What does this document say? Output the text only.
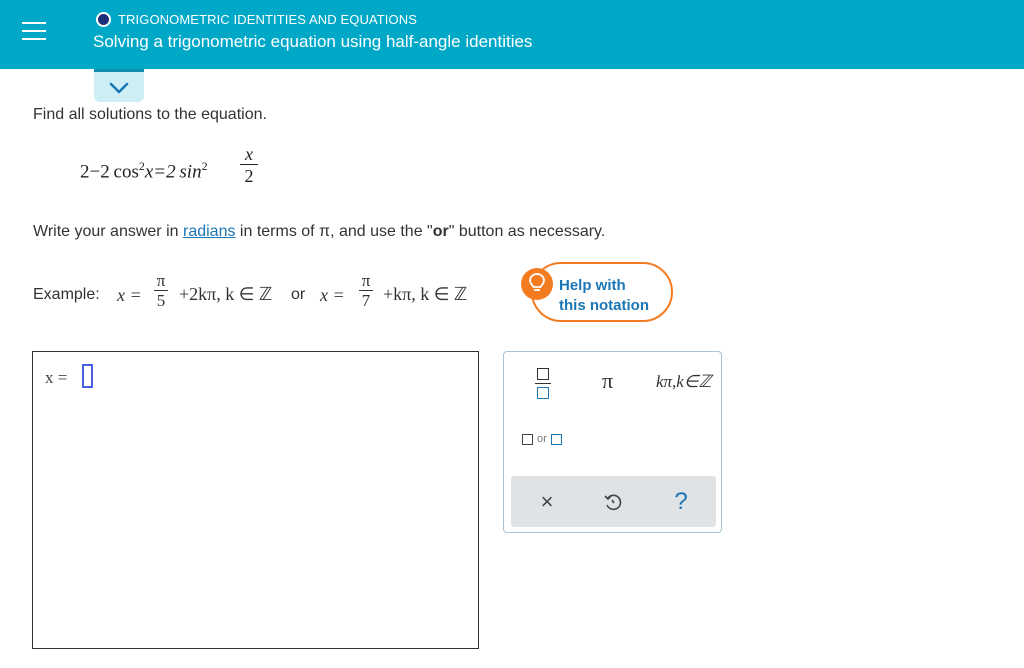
TRIGONOMETRIC IDENTITIES AND EQUATIONS
Solving a trigonometric equation using half-angle identities
Find all solutions to the equation.
2−2 $\cos^2x=2$ $\sin^2$
x
2
Write your answer in radians in terms of π, and use the "or" button as necessary.
Example: x =
π
5 +2kπ, k ∈ ℤ or x =
π
7 +kπ, k ∈ ℤ	Help with
this notation
x =	π	kπ,k∈ℤ
or
×	?
